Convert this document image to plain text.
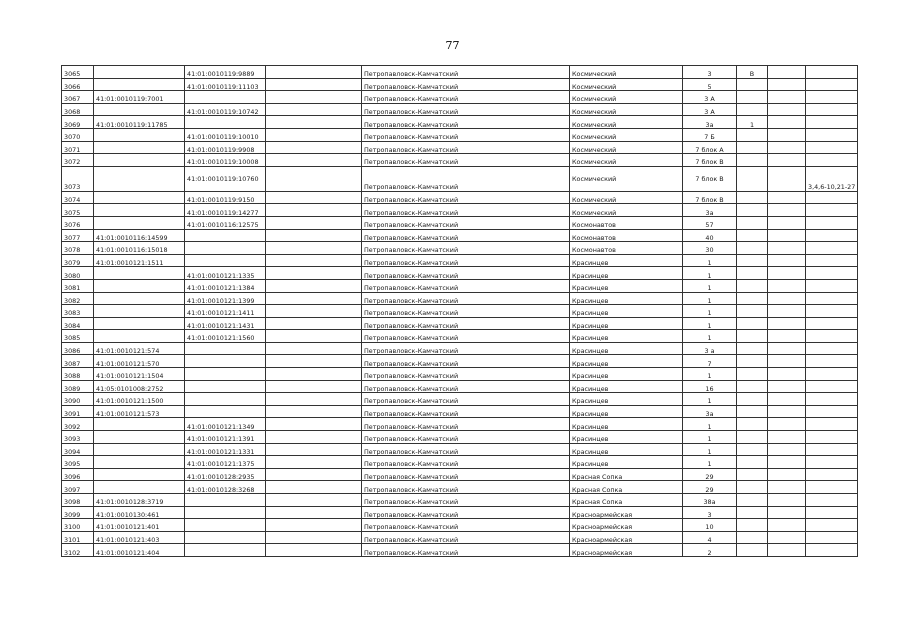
77
3065		41:01:0010119:9889		Петропавловск-Камчатский	Космический	3	В		
3066		41:01:0010119:11103		Петропавловск-Камчатский	Космический	5			
3067	41:01:0010119:7001			Петропавловск-Камчатский	Космический	3 А			
3068		41:01:0010119:10742		Петропавловск-Камчатский	Космический	3 А			
3069	41:01:0010119:11785			Петропавловск-Камчатский	Космический	3а	1		
3070		41:01:0010119:10010		Петропавловск-Камчатский	Космический	7 Б			
3071		41:01:0010119:9908		Петропавловск-Камчатский	Космический	7 блок А			
3072		41:01:0010119:10008		Петропавловск-Камчатский	Космический	7 блок В			
3073		41:01:0010119:10760		Петропавловск-Камчатский	Космический	7 блок В			3,4,6-10,21-27
3074		41:01:0010119:9150		Петропавловск-Камчатский	Космический	7 блок В			
3075		41:01:0010119:14277		Петропавловск-Камчатский	Космический	3а			
3076		41:01:0010116:12575		Петропавловск-Камчатский	Космонавтов	57			
3077	41:01:0010116:14599			Петропавловск-Камчатский	Космонавтов	40			
3078	41:01:0010116:15018			Петропавловск-Камчатский	Космонавтов	30			
3079	41:01:0010121:1511			Петропавловск-Камчатский	Красинцев	1			
3080		41:01:0010121:1335		Петропавловск-Камчатский	Красинцев	1			
3081		41:01:0010121:1384		Петропавловск-Камчатский	Красинцев	1			
3082		41:01:0010121:1399		Петропавловск-Камчатский	Красинцев	1			
3083		41:01:0010121:1411		Петропавловск-Камчатский	Красинцев	1			
3084		41:01:0010121:1431		Петропавловск-Камчатский	Красинцев	1			
3085		41:01:0010121:1560		Петропавловск-Камчатский	Красинцев	1			
3086	41:01:0010121:574			Петропавловск-Камчатский	Красинцев	3 а			
3087	41:01:0010121:570			Петропавловск-Камчатский	Красинцев	7			
3088	41:01:0010121:1504			Петропавловск-Камчатский	Красинцев	1			
3089	41:05:0101008:2752			Петропавловск-Камчатский	Красинцев	16			
3090	41:01:0010121:1500			Петропавловск-Камчатский	Красинцев	1			
3091	41:01:0010121:573			Петропавловск-Камчатский	Красинцев	3а			
3092		41:01:0010121:1349		Петропавловск-Камчатский	Красинцев	1			
3093		41:01:0010121:1391		Петропавловск-Камчатский	Красинцев	1			
3094		41:01:0010121:1331		Петропавловск-Камчатский	Красинцев	1			
3095		41:01:0010121:1375		Петропавловск-Камчатский	Красинцев	1			
3096		41:01:0010128:2935		Петропавловск-Камчатский	Красная Сопка	29			
3097		41:01:0010128:3268		Петропавловск-Камчатский	Красная Сопка	29			
3098	41:01:0010128:3719			Петропавловск-Камчатский	Красная Сопка	38а			
3099	41:01:0010130:461			Петропавловск-Камчатский	Красноармейская	3			
3100	41:01:0010121:401			Петропавловск-Камчатский	Красноармейская	10			
3101	41:01:0010121:403			Петропавловск-Камчатский	Красноармейская	4			
3102	41:01:0010121:404			Петропавловск-Камчатский	Красноармейская	2			
